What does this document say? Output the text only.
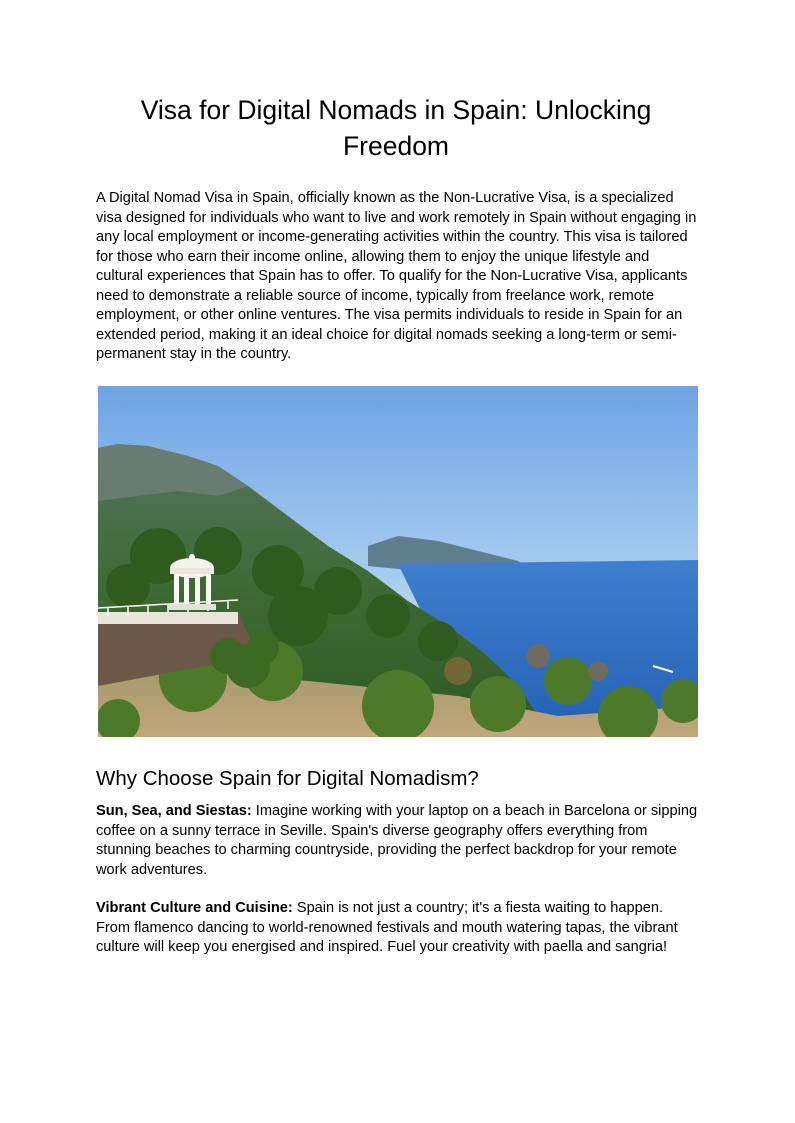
Visa for Digital Nomads in Spain: Unlocking Freedom

A Digital Nomad Visa in Spain, officially known as the Non-Lucrative Visa, is a specialized visa designed for individuals who want to live and work remotely in Spain without engaging in any local employment or income-generating activities within the country. This visa is tailored for those who earn their income online, allowing them to enjoy the unique lifestyle and cultural experiences that Spain has to offer. To qualify for the Non-Lucrative Visa, applicants need to demonstrate a reliable source of income, typically from freelance work, remote employment, or other online ventures. The visa permits individuals to reside in Spain for an extended period, making it an ideal choice for digital nomads seeking a long-term or semi-permanent stay in the country.

Why Choose Spain for Digital Nomadism?

Sun, Sea, and Siestas: Imagine working with your laptop on a beach in Barcelona or sipping coffee on a sunny terrace in Seville. Spain's diverse geography offers everything from stunning beaches to charming countryside, providing the perfect backdrop for your remote work adventures.

Vibrant Culture and Cuisine: Spain is not just a country; it's a fiesta waiting to happen. From flamenco dancing to world-renowned festivals and mouth watering tapas, the vibrant culture will keep you energised and inspired. Fuel your creativity with paella and sangria!
